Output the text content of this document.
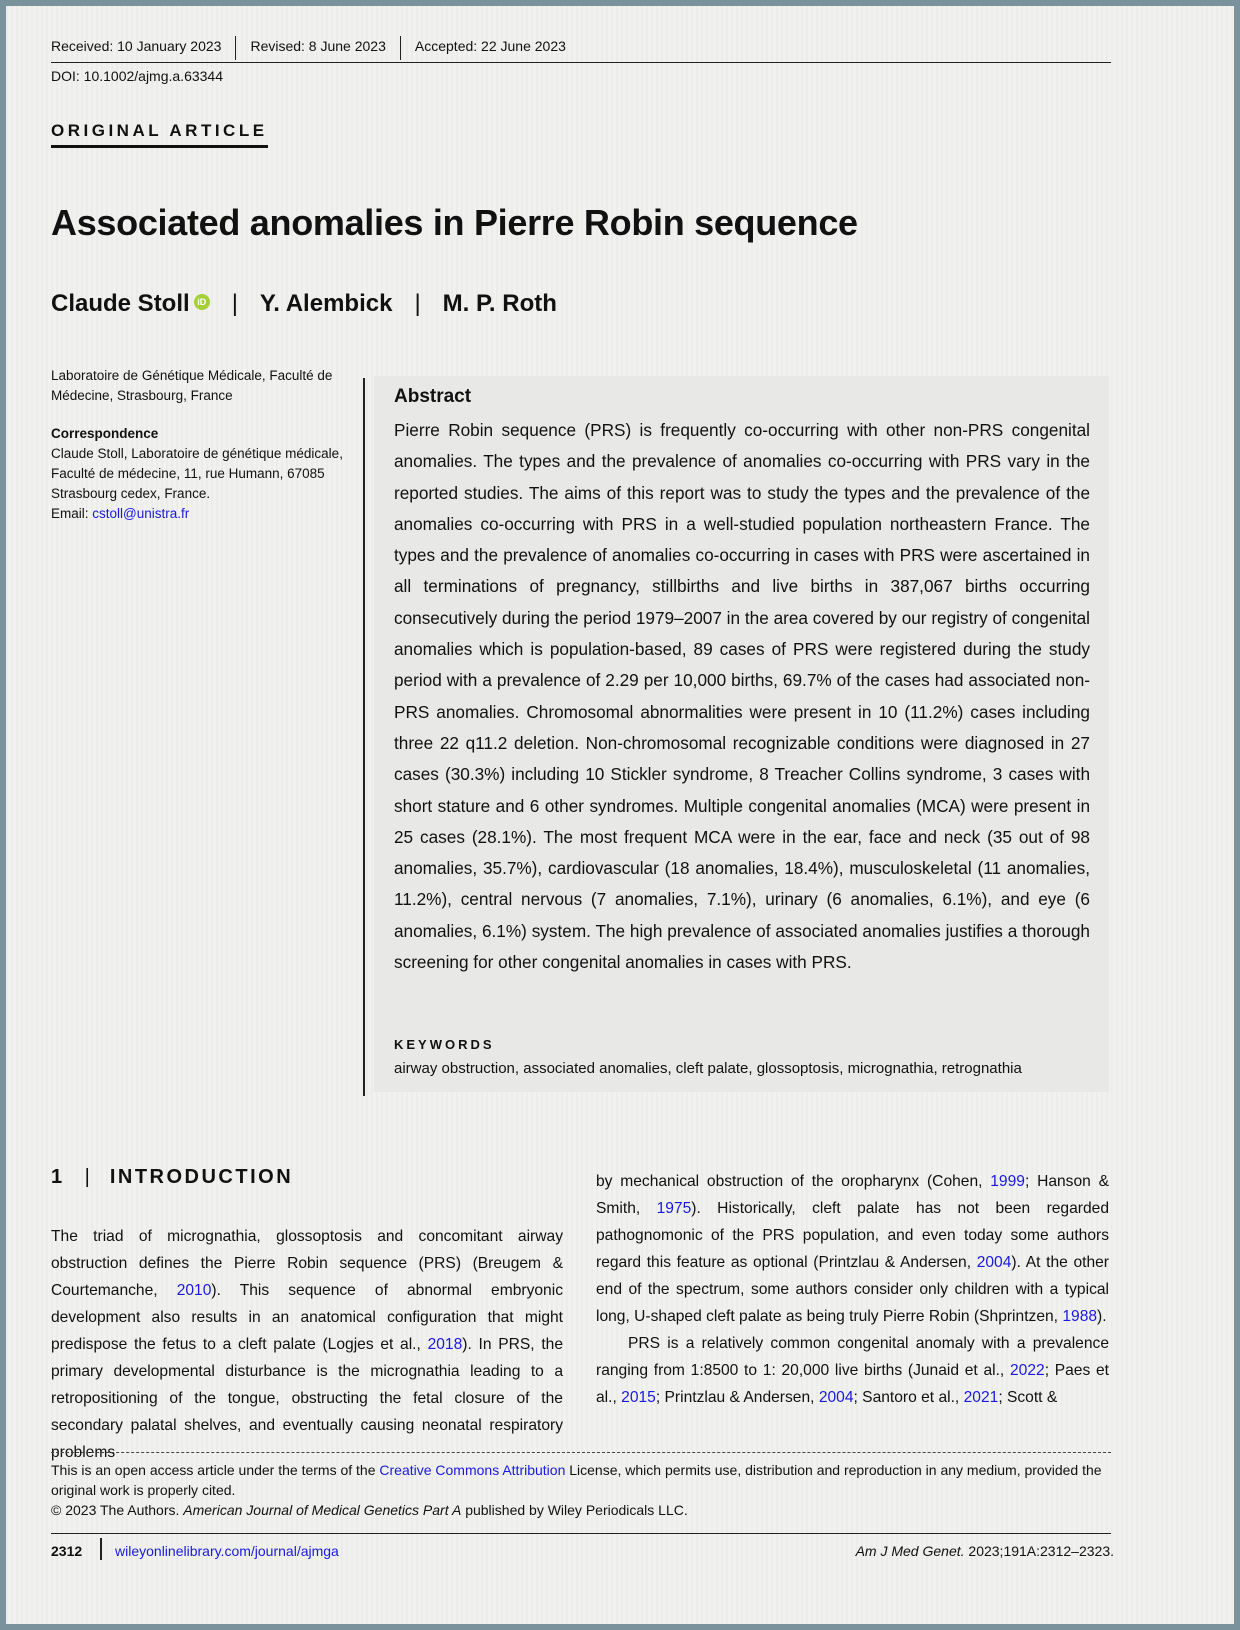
Received: 10 January 2023 Revised: 8 June 2023 Accepted: 22 June 2023
DOI: 10.1002/ajmg.a.63344
ORIGINAL ARTICLE
Associated anomalies in Pierre Robin sequence
Claude Stoll iD | Y. Alembick | M. P. Roth

Laboratoire de Génétique Médicale, Faculté de Médecine, Strasbourg, France

Correspondence

Claude Stoll, Laboratoire de génétique médicale, Faculté de médecine, 11, rue Humann, 67085 Strasbourg cedex, France.
Email: cstoll@unistra.fr
Abstract

Pierre Robin sequence (PRS) is frequently co-occurring with other non-PRS congenital anomalies. The types and the prevalence of anomalies co-occurring with PRS vary in the reported studies. The aims of this report was to study the types and the prevalence of the anomalies co-occurring with PRS in a well-studied population northeastern France. The types and the prevalence of anomalies co-occurring in cases with PRS were ascertained in all terminations of pregnancy, stillbirths and live births in 387,067 births occurring consecutively during the period 1979–2007 in the area covered by our registry of congenital anomalies which is population-based, 89 cases of PRS were registered during the study period with a prevalence of 2.29 per 10,000 births, 69.7% of the cases had associated non-PRS anomalies. Chromosomal abnormalities were present in 10 (11.2%) cases including three 22 q11.2 deletion. Non-chromosomal recognizable conditions were diagnosed in 27 cases (30.3%) including 10 Stickler syndrome, 8 Treacher Collins syndrome, 3 cases with short stature and 6 other syndromes. Multiple congenital anomalies (MCA) were present in 25 cases (28.1%). The most frequent MCA were in the ear, face and neck (35 out of 98 anomalies, 35.7%), cardiovascular (18 anomalies, 18.4%), musculoskeletal (11 anomalies, 11.2%), central nervous (7 anomalies, 7.1%), urinary (6 anomalies, 6.1%), and eye (6 anomalies, 6.1%) system. The high prevalence of associated anomalies justifies a thorough screening for other congenital anomalies in cases with PRS.

KEYWORDS
airway obstruction, associated anomalies, cleft palate, glossoptosis, micrognathia, retrognathia
1 | INTRODUCTION

The triad of micrognathia, glossoptosis and concomitant airway obstruction defines the Pierre Robin sequence (PRS) (Breugem & Courtemanche, 2010). This sequence of abnormal embryonic development also results in an anatomical configuration that might predispose the fetus to a cleft palate (Logjes et al., 2018). In PRS, the primary developmental disturbance is the micrognathia leading to a retropositioning of the tongue, obstructing the fetal closure of the secondary palatal shelves, and eventually causing neonatal respiratory problems

by mechanical obstruction of the oropharynx (Cohen, 1999; Hanson & Smith, 1975). Historically, cleft palate has not been regarded pathognomonic of the PRS population, and even today some authors regard this feature as optional (Printzlau & Andersen, 2004). At the other end of the spectrum, some authors consider only children with a typical long, U-shaped cleft palate as being truly Pierre Robin (Shprintzen, 1988).

PRS is a relatively common congenital anomaly with a prevalence ranging from 1:8500 to 1: 20,000 live births (Junaid et al., 2022; Paes et al., 2015; Printzlau & Andersen, 2004; Santoro et al., 2021; Scott &

This is an open access article under the terms of the Creative Commons Attribution License, which permits use, distribution and reproduction in any medium, provided the original work is properly cited.

© 2023 The Authors. American Journal of Medical Genetics Part A published by Wiley Periodicals LLC.

2312 wileyonlinelibrary.com/journal/ajmga	Am J Med Genet. 2023;191A:2312–2323.
